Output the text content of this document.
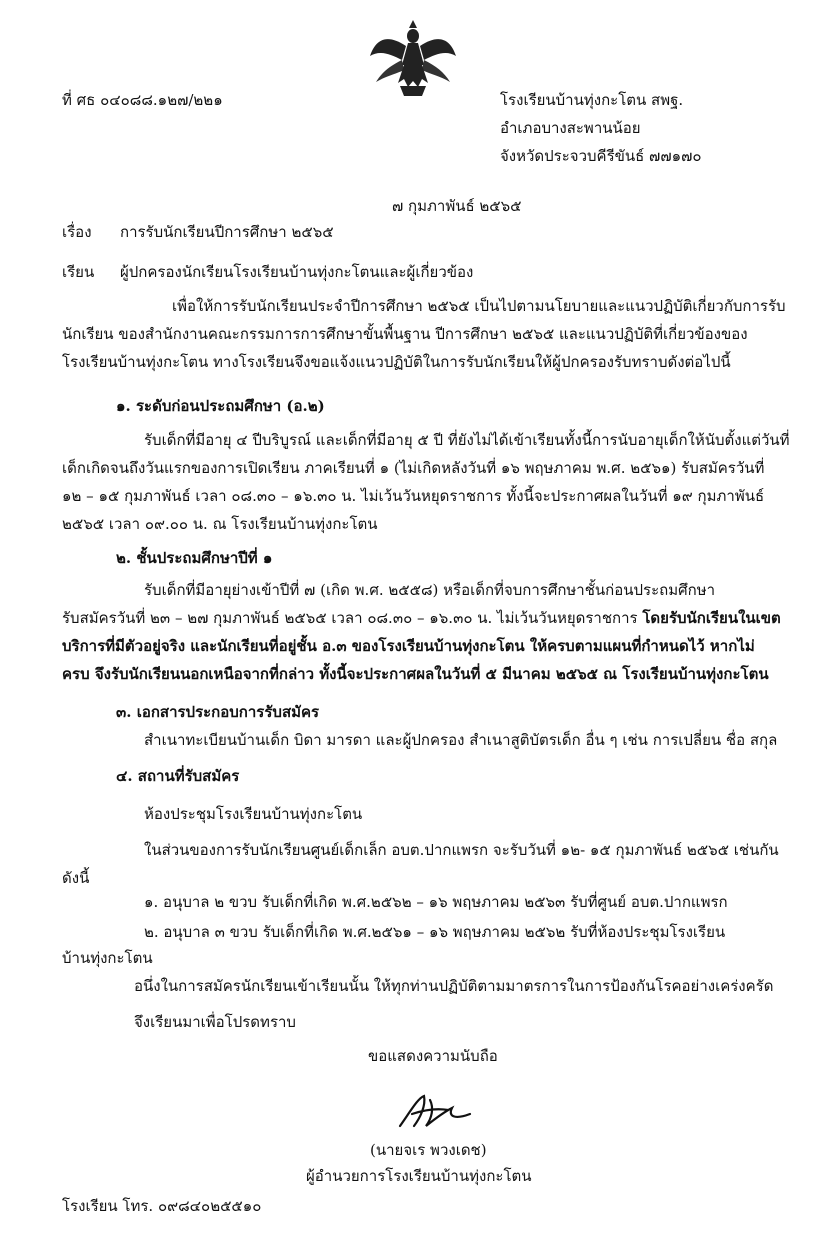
ที่ ศธ ๐๔๐๘๘.๑๒๗/๒๒๑	โรงเรียนบ้านทุ่งกะโตน สพฐ.
อำเภอบางสะพานน้อย
จังหวัดประจวบคีรีขันธ์ ๗๗๑๗๐
๗ กุมภาพันธ์ ๒๕๖๕
เรื่อง การรับนักเรียนปีการศึกษา ๒๕๖๕
เรียน ผู้ปกครองนักเรียนโรงเรียนบ้านทุ่งกะโตนและผู้เกี่ยวข้อง
เพื่อให้การรับนักเรียนประจำปีการศึกษา ๒๕๖๕ เป็นไปตามนโยบายและแนวปฏิบัติเกี่ยวกับการรับ
นักเรียน ของสำนักงานคณะกรรมการการศึกษาขั้นพื้นฐาน ปีการศึกษา ๒๕๖๕ และแนวปฏิบัติที่เกี่ยวข้องของ
โรงเรียนบ้านทุ่งกะโตน ทางโรงเรียนจึงขอแจ้งแนวปฏิบัติในการรับนักเรียนให้ผู้ปกครองรับทราบดังต่อไปนี้
๑. ระดับก่อนประถมศึกษา (อ.๒)
รับเด็กที่มีอายุ ๔ ปีบริบูรณ์ และเด็กที่มีอายุ ๕ ปี ที่ยังไม่ได้เข้าเรียนทั้งนี้การนับอายุเด็กให้นับตั้งแต่วันที่
เด็กเกิดจนถึงวันแรกของการเปิดเรียน ภาคเรียนที่ ๑ (ไม่เกิดหลังวันที่ ๑๖ พฤษภาคม พ.ศ. ๒๕๖๑) รับสมัครวันที่
๑๒ – ๑๕ กุมภาพันธ์ เวลา ๐๘.๓๐ – ๑๖.๓๐ น. ไม่เว้นวันหยุดราชการ ทั้งนี้จะประกาศผลในวันที่ ๑๙ กุมภาพันธ์
๒๕๖๕ เวลา ๐๙.๐๐ น. ณ โรงเรียนบ้านทุ่งกะโตน
๒. ชั้นประถมศึกษาปีที่ ๑
รับเด็กที่มีอายุย่างเข้าปีที่ ๗ (เกิด พ.ศ. ๒๕๕๘) หรือเด็กที่จบการศึกษาชั้นก่อนประถมศึกษา
รับสมัครวันที่ ๒๓ – ๒๗ กุมภาพันธ์ ๒๕๖๕ เวลา ๐๘.๓๐ – ๑๖.๓๐ น. ไม่เว้นวันหยุดราชการ โดยรับนักเรียนในเขต
บริการที่มีตัวอยู่จริง และนักเรียนที่อยู่ชั้น อ.๓ ของโรงเรียนบ้านทุ่งกะโตน ให้ครบตามแผนที่กำหนดไว้ หากไม่
ครบ จึงรับนักเรียนนอกเหนือจากที่กล่าว ทั้งนี้จะประกาศผลในวันที่ ๕ มีนาคม ๒๕๖๕ ณ โรงเรียนบ้านทุ่งกะโตน
๓. เอกสารประกอบการรับสมัคร
สำเนาทะเบียนบ้านเด็ก บิดา มารดา และผู้ปกครอง สำเนาสูติบัตรเด็ก อื่น ๆ เช่น การเปลี่ยน ชื่อ สกุล
๔. สถานที่รับสมัคร
ห้องประชุมโรงเรียนบ้านทุ่งกะโตน
ในส่วนของการรับนักเรียนศูนย์เด็กเล็ก อบต.ปากแพรก จะรับวันที่ ๑๒- ๑๕ กุมภาพันธ์ ๒๕๖๕ เช่นกัน
ดังนี้
๑. อนุบาล ๒ ขวบ รับเด็กที่เกิด พ.ศ.๒๕๖๒ – ๑๖ พฤษภาคม ๒๕๖๓ รับที่ศูนย์ อบต.ปากแพรก
๒. อนุบาล ๓ ขวบ รับเด็กที่เกิด พ.ศ.๒๕๖๑ – ๑๖ พฤษภาคม ๒๕๖๒ รับที่ห้องประชุมโรงเรียน
บ้านทุ่งกะโตน
อนึ่งในการสมัครนักเรียนเข้าเรียนนั้น ให้ทุกท่านปฏิบัติตามมาตรการในการป้องกันโรคอย่างเคร่งครัด
จึงเรียนมาเพื่อโปรดทราบ
ขอแสดงความนับถือ
(นายจเร พวงเดช)
ผู้อำนวยการโรงเรียนบ้านทุ่งกะโตน
โรงเรียน โทร. ๐๙๘๔๐๒๕๕๑๐
